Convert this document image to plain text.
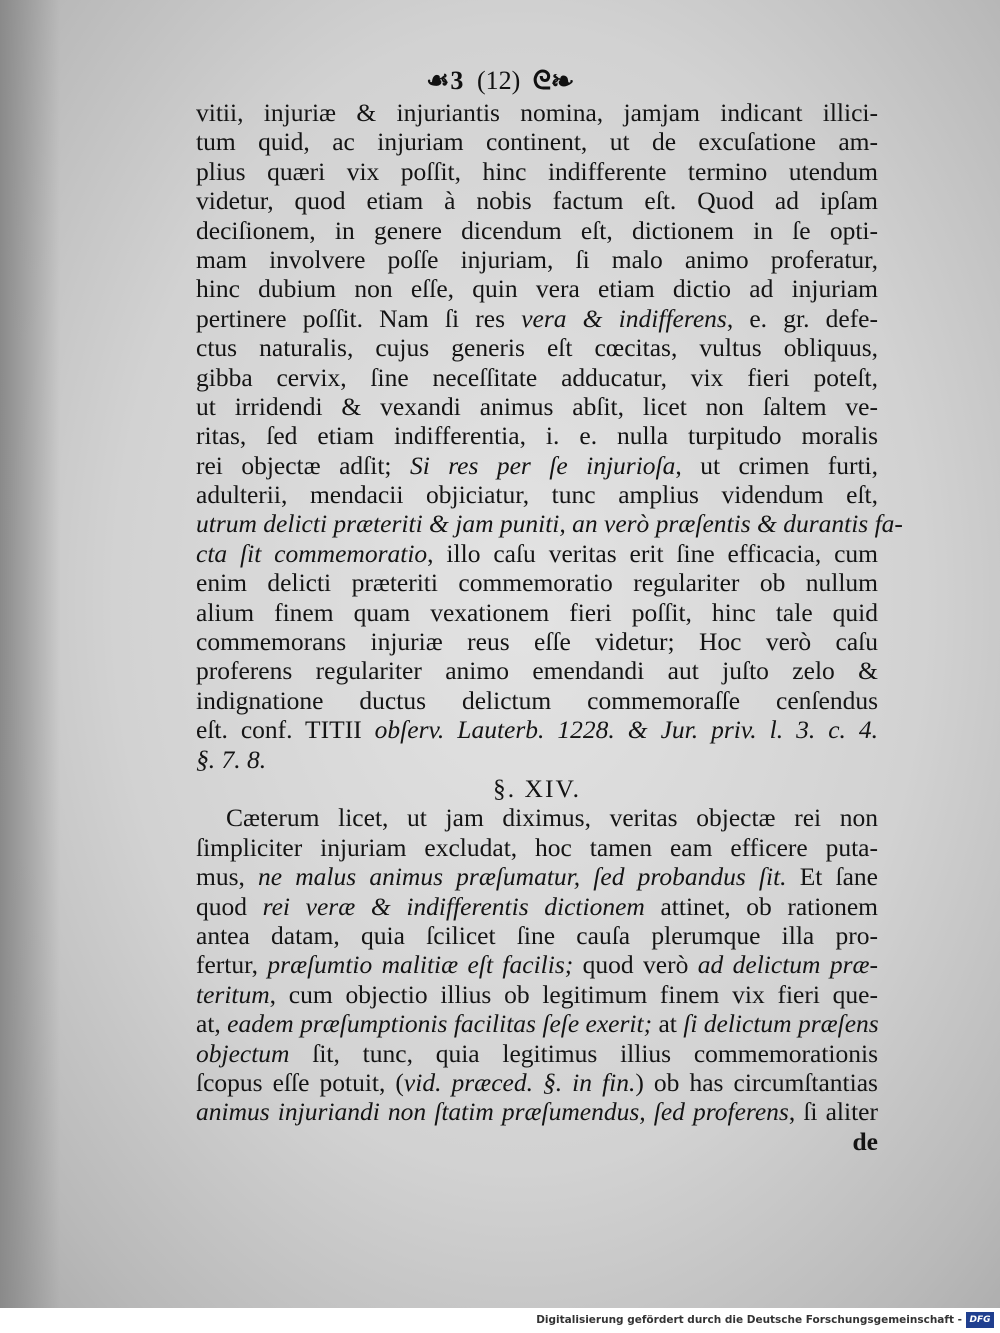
☙3 (12) ᘓ❧
vitii, injuriæ & injuriantis nomina, jamjam indicant illici-
tum quid, ac injuriam continent, ut de excuſatione am-
plius quæri vix poſſit, hinc indifferente termino utendum
videtur, quod etiam à nobis factum eſt. Quod ad ipſam
deciſionem, in genere dicendum eſt, dictionem in ſe opti-
mam involvere poſſe injuriam, ſi malo animo proferatur,
hinc dubium non eſſe, quin vera etiam dictio ad injuriam
pertinere poſſit. Nam ſi res vera & indifferens, e. gr. defe-
ctus naturalis, cujus generis eſt cœcitas, vultus obliquus,
gibba cervix, ſine neceſſitate adducatur, vix fieri poteſt,
ut irridendi & vexandi animus abſit, licet non ſaltem ve-
ritas, ſed etiam indifferentia, i. e. nulla turpitudo moralis
rei objectæ adſit; Si res per ſe injurioſa, ut crimen furti,
adulterii, mendacii objiciatur, tunc amplius videndum eſt,
utrum delicti præteriti & jam puniti, an verò præſentis & durantis fa-
cta ſit commemoratio, illo caſu veritas erit ſine efficacia, cum
enim delicti præteriti commemoratio regulariter ob nullum
alium finem quam vexationem fieri poſſit, hinc tale quid
commemorans injuriæ reus eſſe videtur; Hoc verò caſu
proferens regulariter animo emendandi aut juſto zelo &
indignatione ductus delictum commemoraſſe cenſendus
eſt. conf. TITII obſerv. Lauterb. 1228. & Jur. priv. l. 3. c. 4.
§. 7. 8.
§. XIV.
Cæterum licet, ut jam diximus, veritas objectæ rei non
ſimpliciter injuriam excludat, hoc tamen eam efficere puta-
mus, ne malus animus præſumatur, ſed probandus ſit. Et ſane
quod rei veræ & indifferentis dictionem attinet, ob rationem
antea datam, quia ſcilicet ſine cauſa plerumque illa pro-
fertur, præſumtio malitiæ eſt facilis; quod verò ad delictum præ-
teritum, cum objectio illius ob legitimum finem vix fieri que-
at, eadem præſumptionis facilitas ſeſe exerit; at ſi delictum præſens
objectum ſit, tunc, quia legitimus illius commemorationis
ſcopus eſſe potuit, (vid. præced. §. in fin.) ob has circumſtantias
animus injuriandi non ſtatim præſumendus, ſed proferens, ſi aliter
de
Digitalisierung gefördert durch die Deutsche Forschungsgemeinschaft - DFG
